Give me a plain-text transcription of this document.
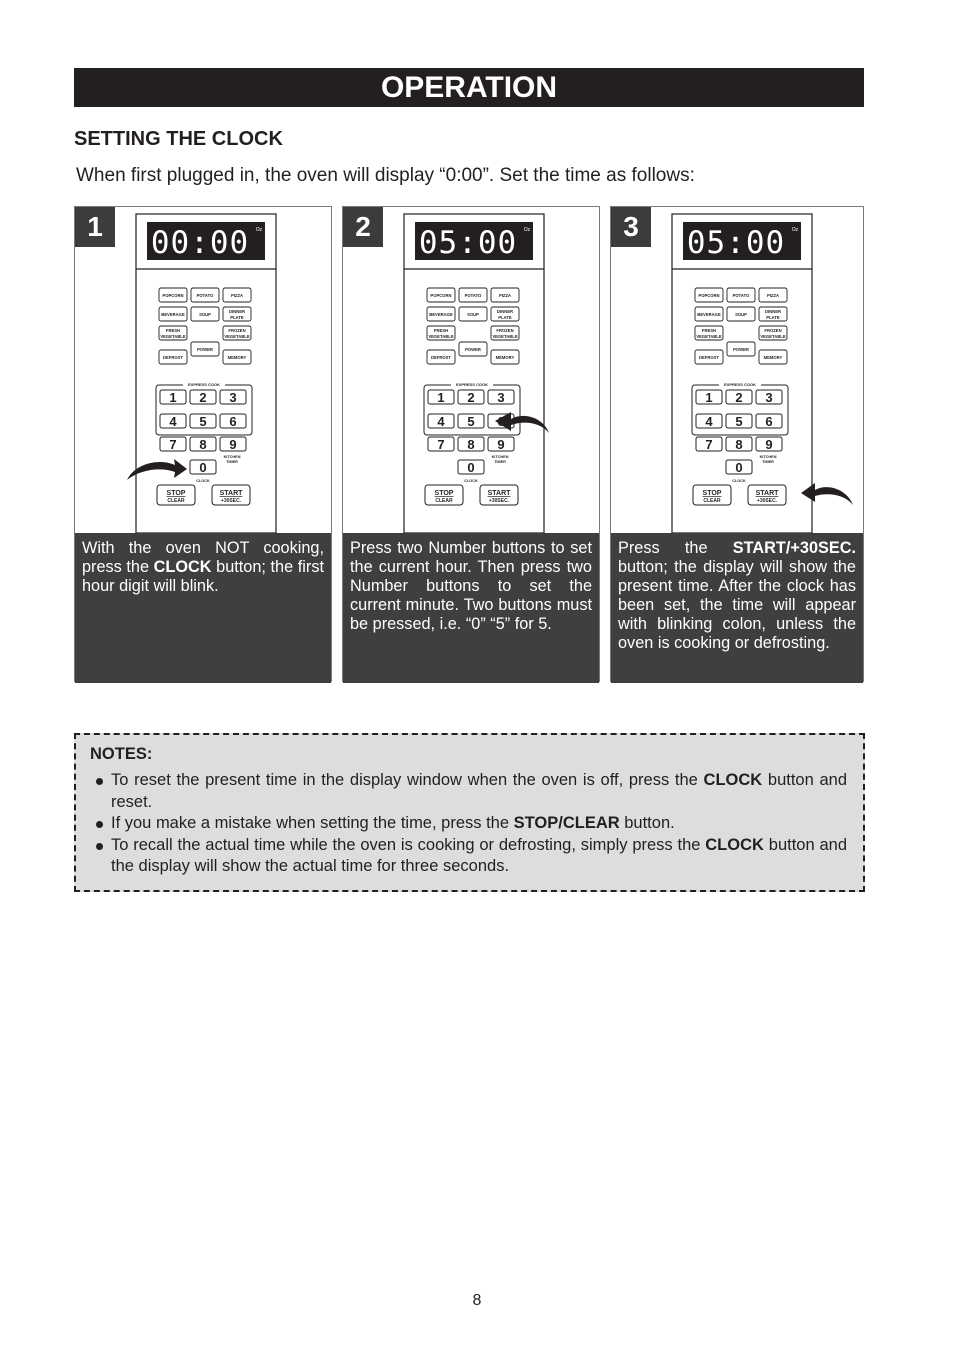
OPERATION
SETTING THE CLOCK
When first plugged in, the oven will display “0:00”. Set the time as follows:
00:00 Oz
POPCORN	POTATO	PIZZA
BEVERAGE	SOUP
DINNER
PLATE
FRESH
VEGETABLE
FROZEN
VEGETABLE
DEFROST
POWER
MEMORY
EXPRESS COOK
1 2 3
4 5 6
7 8 9
0
KITCHEN
TIMER
CLOCK
STOP
CLEAR
START
+30SEC.
1
With the oven NOT cooking, press the CLOCK button; the first hour digit will blink.
05:00 Oz
POPCORN	POTATO	PIZZA
BEVERAGE	SOUP
DINNER
PLATE
FRESH
VEGETABLE
FROZEN
VEGETABLE
DEFROST
POWER
MEMORY
EXPRESS COOK
1 2 3
4 5
7 8 9
0
KITCHEN
TIMER
CLOCK
STOP
CLEAR
START
+30SEC.
2
Press two Number buttons to set the current hour. Then press two Number buttons to set the current minute. Two buttons must be pressed, i.e. “0” “5” for 5.
05:00 Oz
POPCORN	POTATO	PIZZA
BEVERAGE	SOUP
DINNER
PLATE
FRESH
VEGETABLE
FROZEN
VEGETABLE
DEFROST
POWER
MEMORY
EXPRESS COOK
1 2 3
4 5 6
7 8 9
0
KITCHEN
TIMER
CLOCK
STOP
CLEAR
START
+30SEC.
3
Press the START/+30SEC. button; the display will show the present time. After the clock has been set, the time will appear with blinking colon, unless the oven is cooking or defrosting.
NOTES:
To reset the present time in the display window when the oven is off, press the CLOCK button and reset.
If you make a mistake when setting the time, press the STOP/CLEAR button.
To recall the actual time while the oven is cooking or defrosting, simply press the CLOCK button and the display will show the actual time for three seconds.
8
